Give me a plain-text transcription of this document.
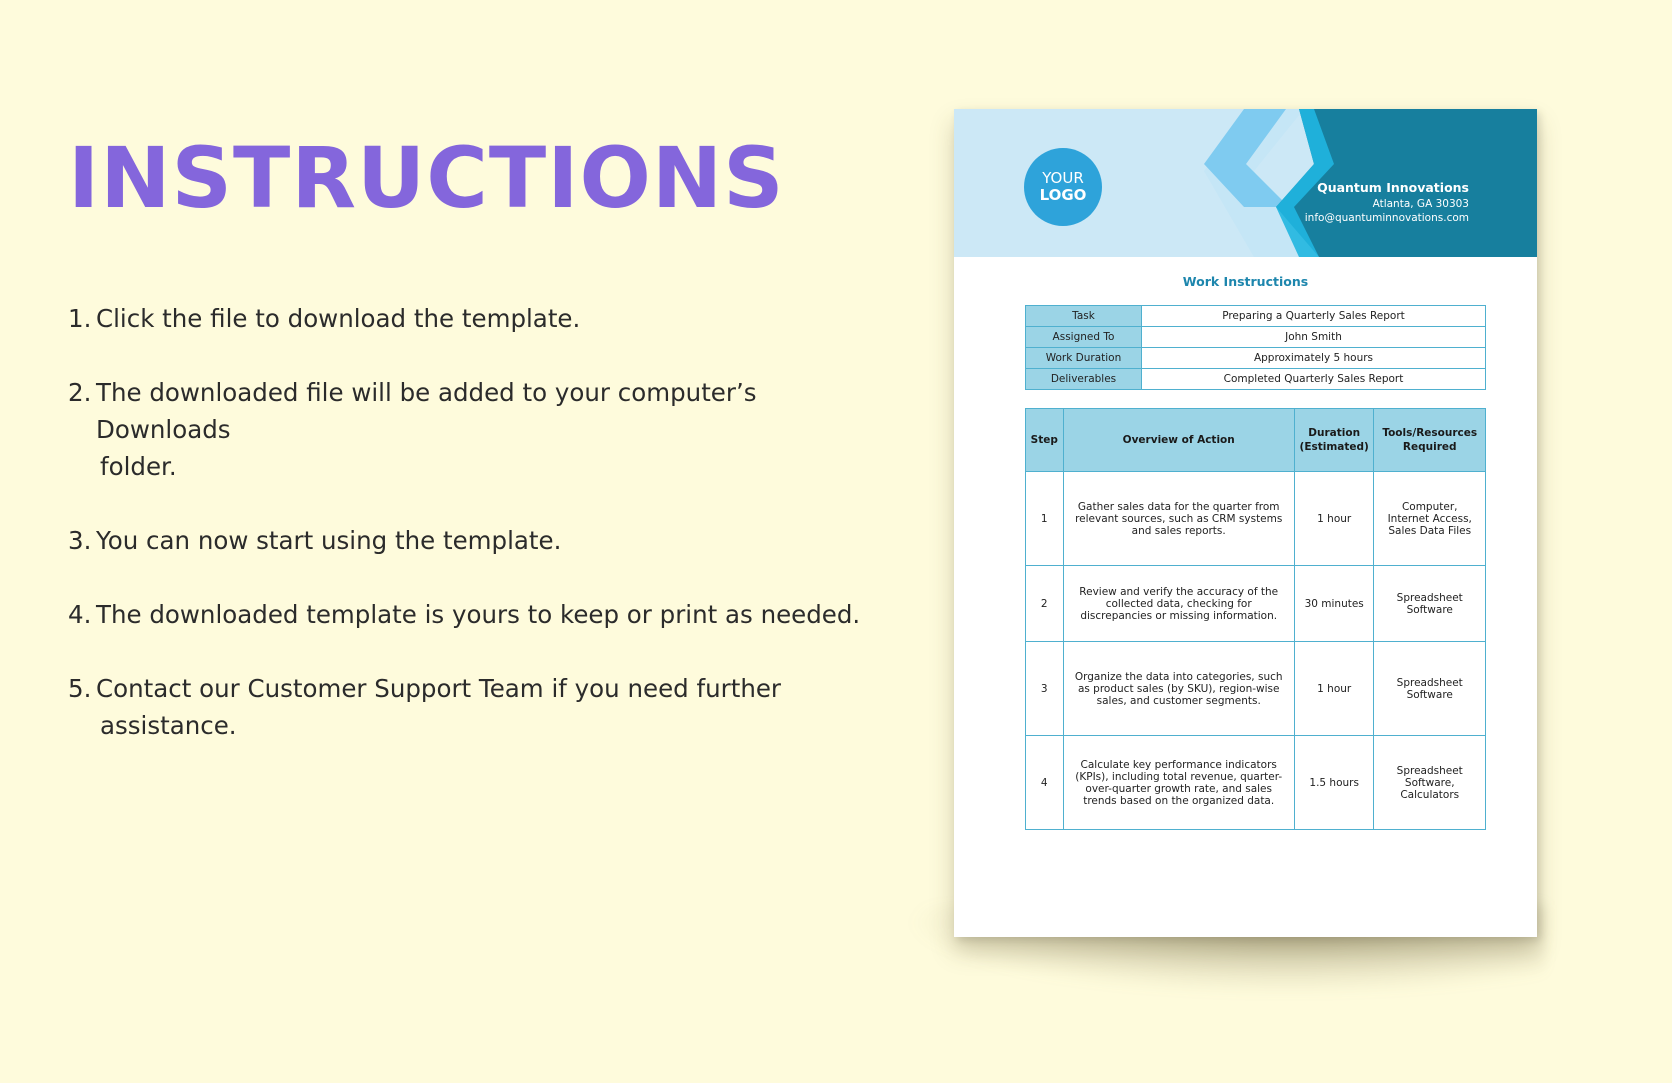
INSTRUCTIONS
1. Click the file to download the template.
2. The downloaded file will be added to your computer’s Downloads
folder.
3. You can now start using the template.
4. The downloaded template is yours to keep or print as needed.
5. Contact our Customer Support Team if you need further
assistance.
YOUR
LOGO	Quantum Innovations
Atlanta, GA 30303
info@quantuminnovations.com
Work Instructions
Task	Preparing a Quarterly Sales Report
Assigned To	John Smith
Work Duration	Approximately 5 hours
Deliverables	Completed Quarterly Sales Report
Step	Overview of Action	Duration (Estimated)	Tools/Resources Required
1	Gather sales data for the quarter from relevant sources, such as CRM systems and sales reports.	1 hour	Computer, Internet Access, Sales Data Files
2	Review and verify the accuracy of the collected data, checking for discrepancies or missing information.	30 minutes	Spreadsheet Software
3	Organize the data into categories, such as product sales (by SKU), region-wise sales, and customer segments.	1 hour	Spreadsheet Software
4	Calculate key performance indicators (KPIs), including total revenue, quarter-over-quarter growth rate, and sales trends based on the organized data.	1.5 hours	Spreadsheet Software, Calculators
